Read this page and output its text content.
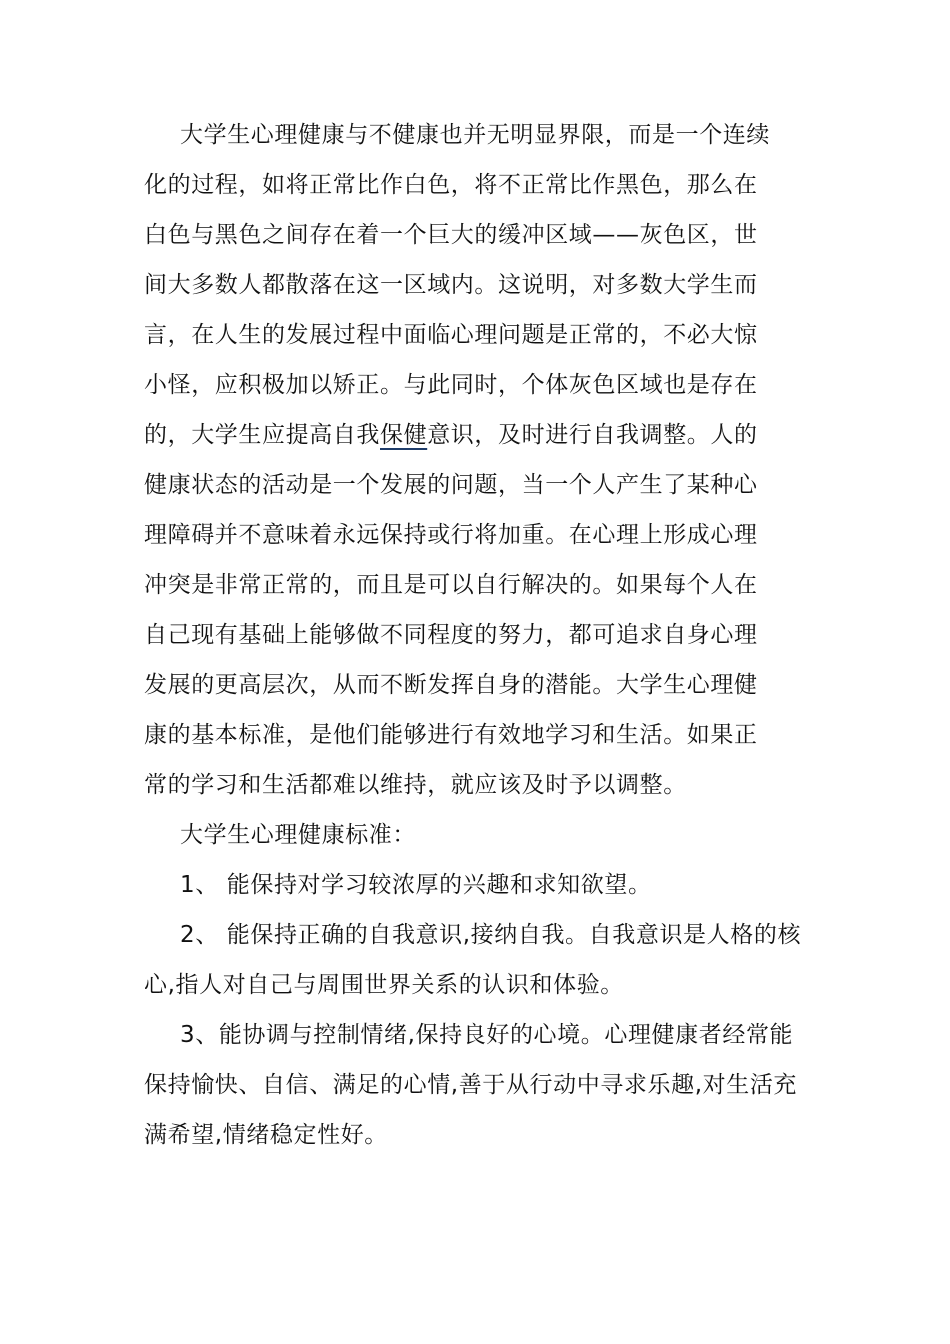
大学生心理健康与不健康也并无明显界限，而是一个连续
化的过程，如将正常比作白色，将不正常比作黑色，那么在
白色与黑色之间存在着一个巨大的缓冲区域——灰色区，世
间大多数人都散落在这一区域内。这说明，对多数大学生而
言，在人生的发展过程中面临心理问题是正常的，不必大惊
小怪，应积极加以矫正。与此同时，个体灰色区域也是存在
的，大学生应提高自我保健意识，及时进行自我调整。人的
健康状态的活动是一个发展的问题，当一个人产生了某种心
理障碍并不意味着永远保持或行将加重。在心理上形成心理
冲突是非常正常的，而且是可以自行解决的。如果每个人在
自己现有基础上能够做不同程度的努力，都可追求自身心理
发展的更高层次，从而不断发挥自身的潜能。大学生心理健
康的基本标准，是他们能够进行有效地学习和生活。如果正
常的学习和生活都难以维持，就应该及时予以调整。
大学生心理健康标准：
1、 能保持对学习较浓厚的兴趣和求知欲望。
2、 能保持正确的自我意识,接纳自我。自我意识是人格的核
心,指人对自己与周围世界关系的认识和体验。
3、能协调与控制情绪,保持良好的心境。心理健康者经常能
保持愉快、自信、满足的心情,善于从行动中寻求乐趣,对生活充
满希望,情绪稳定性好。
